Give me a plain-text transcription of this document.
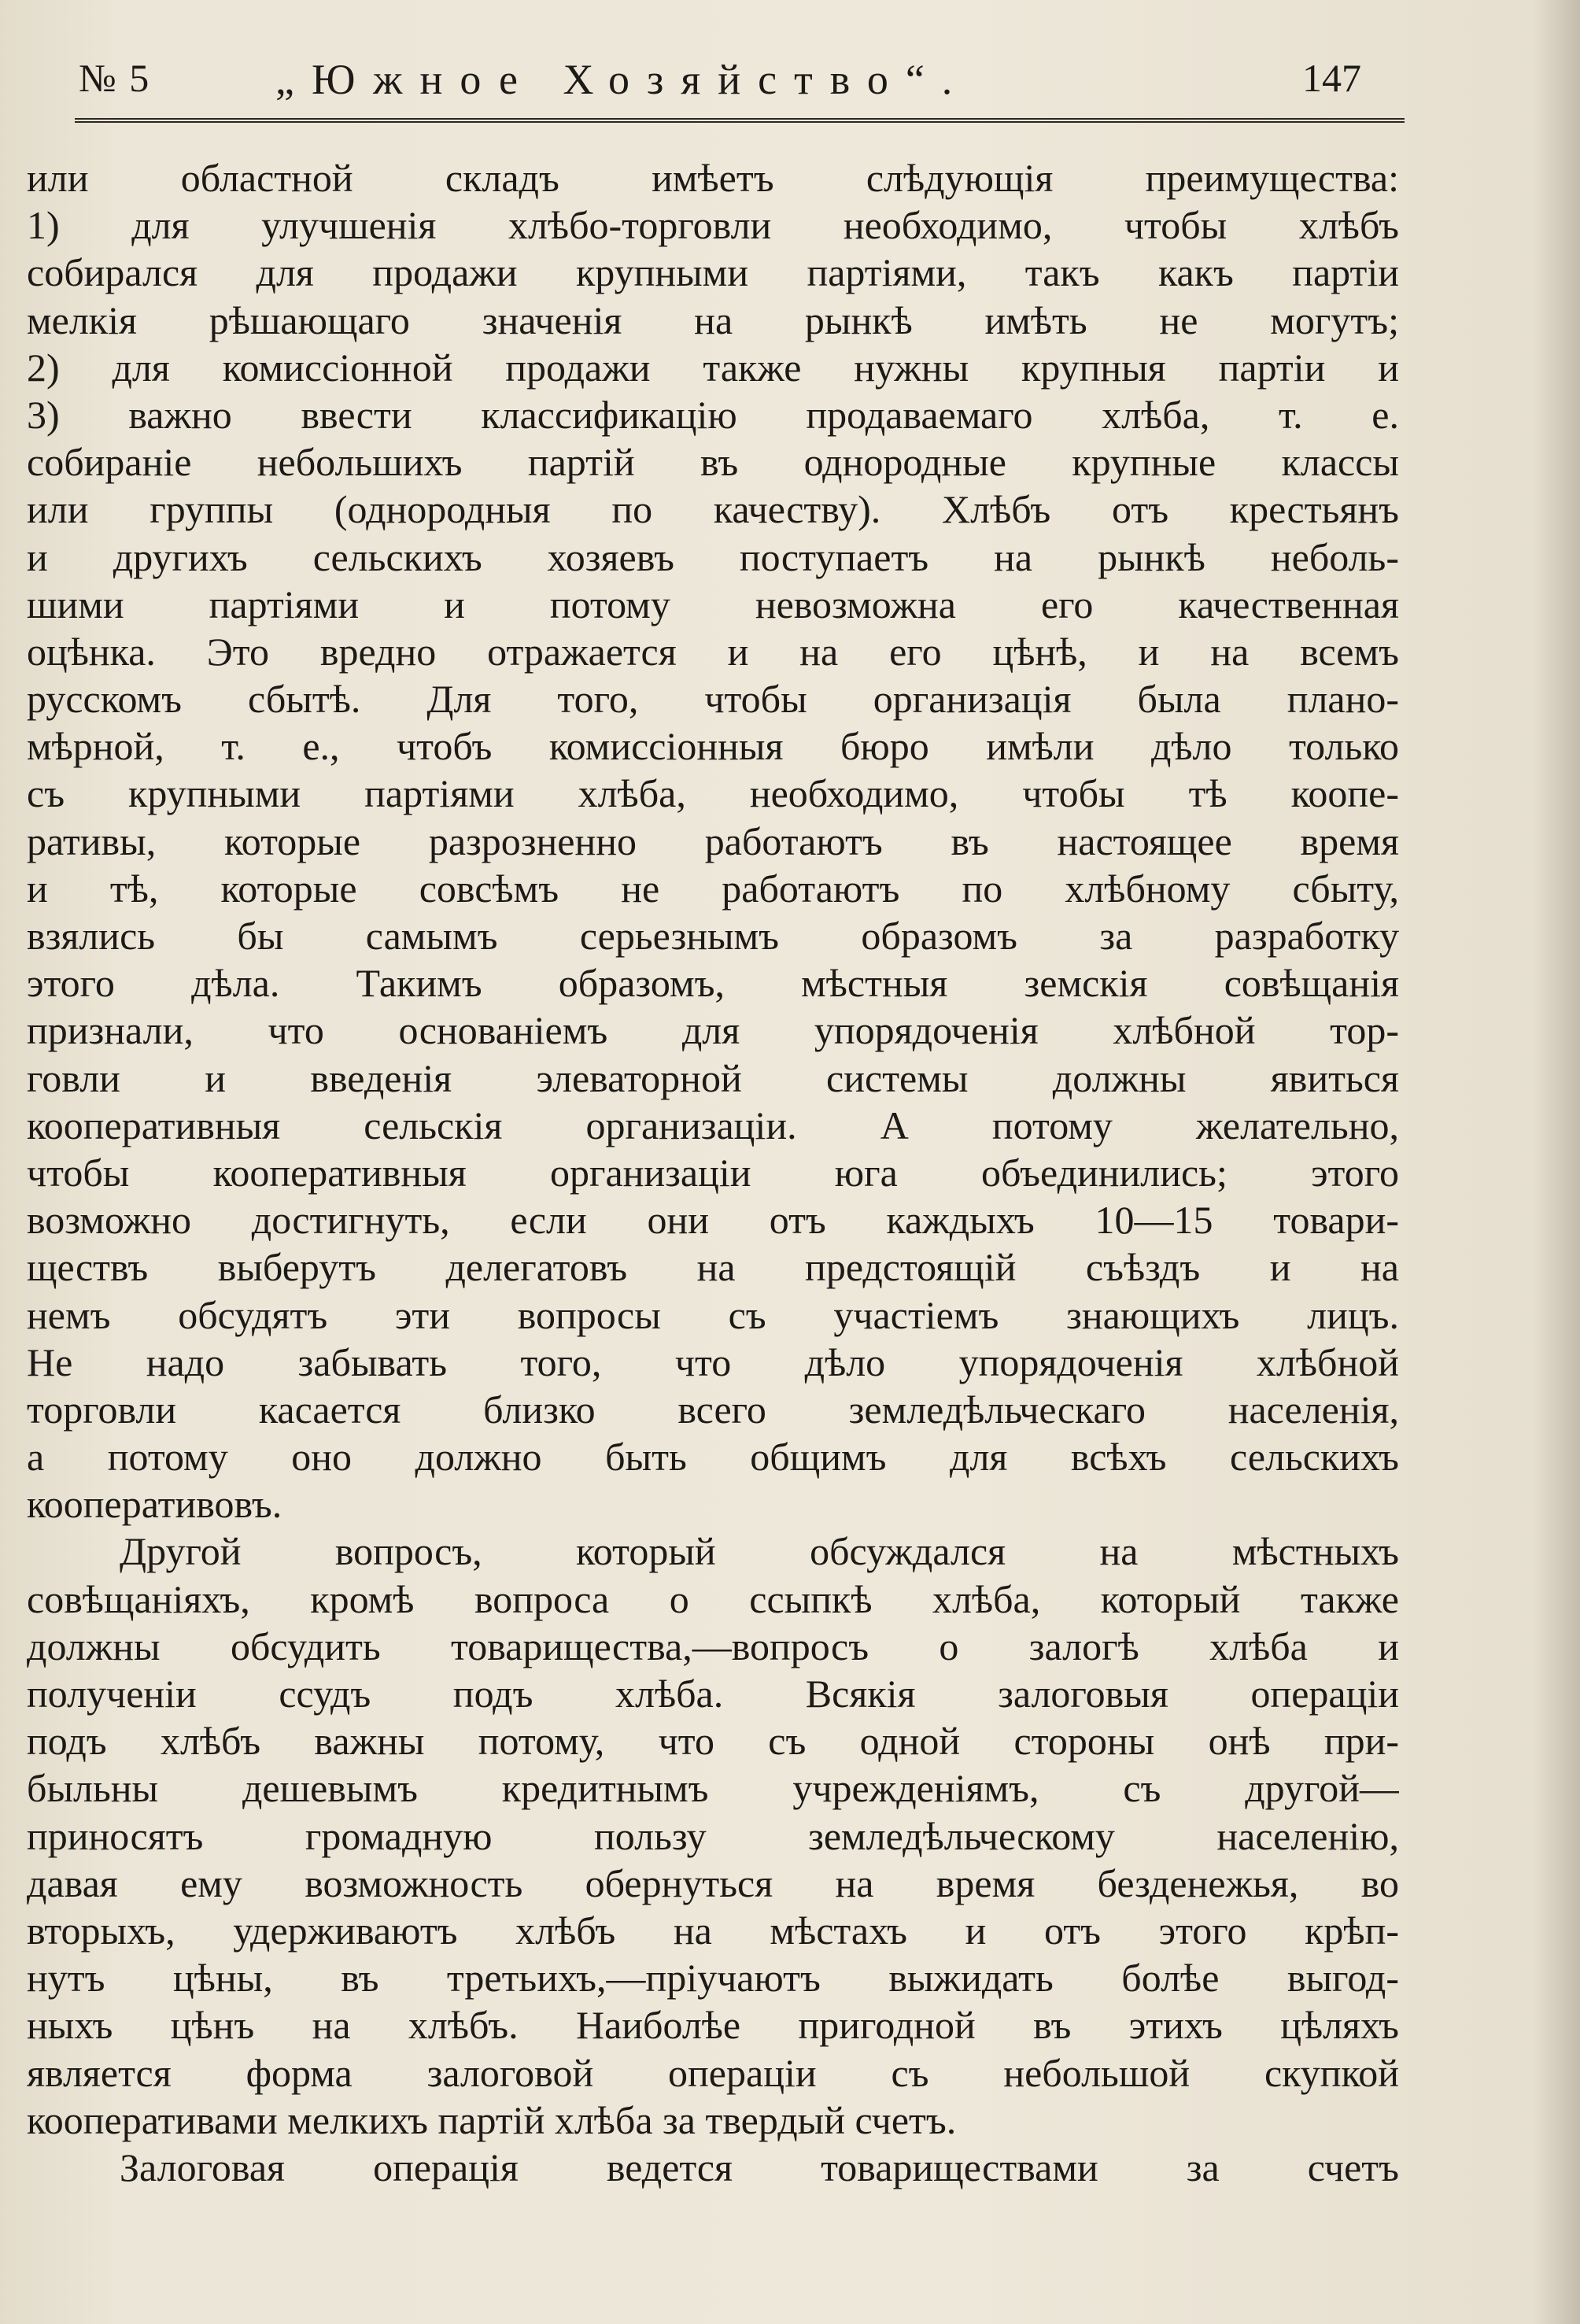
№ 5	„Южное Хозяйство“.	147
или областной складъ имѣетъ слѣдующія преимущества:
1) для улучшенія хлѣбо-торговли необходимо, чтобы хлѣбъ
собирался для продажи крупными партіями, такъ какъ партіи
мелкія рѣшающаго значенія на рынкѣ имѣть не могутъ;
2) для комиссіонной продажи также нужны крупныя партіи и
3) важно ввести классификацію продаваемаго хлѣба, т. е.
собираніе небольшихъ партій въ однородные крупные классы
или группы (однородныя по качеству). Хлѣбъ отъ крестьянъ
и другихъ сельскихъ хозяевъ поступаетъ на рынкѣ неболь-
шими партіями и потому невозможна его качественная
оцѣнка. Это вредно отражается и на его цѣнѣ, и на всемъ
русскомъ сбытѣ. Для того, чтобы организація была плано-
мѣрной, т. е., чтобъ комиссіонныя бюро имѣли дѣло только
съ крупными партіями хлѣба, необходимо, чтобы тѣ коопе-
ративы, которые разрозненно работаютъ въ настоящее время
и тѣ, которые совсѣмъ не работаютъ по хлѣбному сбыту,
взялись бы самымъ серьезнымъ образомъ за разработку
этого дѣла. Такимъ образомъ, мѣстныя земскія совѣщанія
признали, что основаніемъ для упорядоченія хлѣбной тор-
говли и введенія элеваторной системы должны явиться
кооперативныя сельскія организаціи. А потому желательно,
чтобы кооперативныя организаціи юга объединились; этого
возможно достигнуть, если они отъ каждыхъ 10—15 товари-
ществъ выберутъ делегатовъ на предстоящій съѣздъ и на
немъ обсудятъ эти вопросы съ участіемъ знающихъ лицъ.
Не надо забывать того, что дѣло упорядоченія хлѣбной
торговли касается близко всего земледѣльческаго населенія,
а потому оно должно быть общимъ для всѣхъ сельскихъ
кооперативовъ.
Другой вопросъ, который обсуждался на мѣстныхъ
совѣщаніяхъ, кромѣ вопроса о ссыпкѣ хлѣба, который также
должны обсудить товарищества,—вопросъ о залогѣ хлѣба и
полученіи ссудъ подъ хлѣба. Всякія залоговыя операціи
подъ хлѣбъ важны потому, что съ одной стороны онѣ при-
быльны дешевымъ кредитнымъ учрежденіямъ, съ другой—
приносятъ громадную пользу земледѣльческому населенію,
давая ему возможность обернуться на время безденежья, во
вторыхъ, удерживаютъ хлѣбъ на мѣстахъ и отъ этого крѣп-
нутъ цѣны, въ третьихъ,—пріучаютъ выжидать болѣе выгод-
ныхъ цѣнъ на хлѣбъ. Наиболѣе пригодной въ этихъ цѣляхъ
является форма залоговой операціи съ небольшой скупкой
кооперативами мелкихъ партій хлѣба за твердый счетъ.
Залоговая операція ведется товариществами за счетъ
